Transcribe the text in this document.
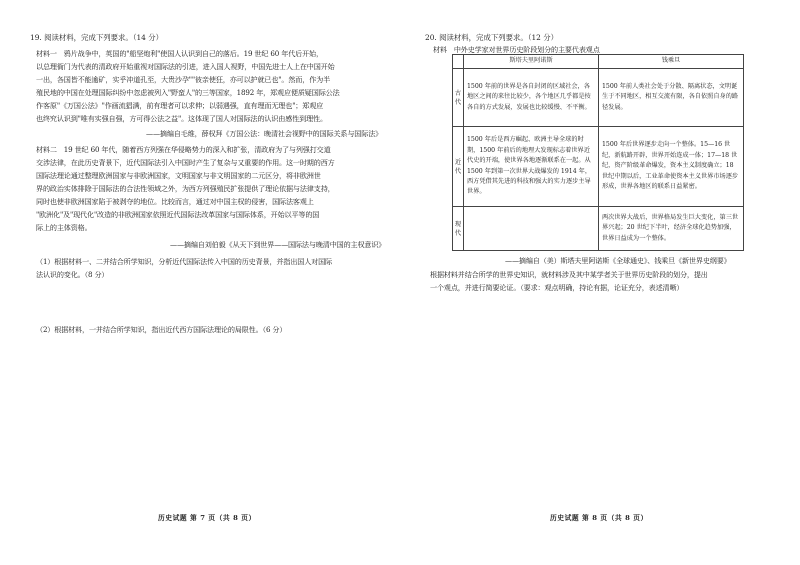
19. 阅读材料，完成下列要求。（14 分）
材料一　鸦片战争中，英国的"船坚炮利"使国人认识到自己的落后。19 世纪 60 年代后开始，
以总理衙门为代表的清政府开始重视对国际法的引进，进入国人视野，中国先进士人上在中国开始
一出，各国皆不能逾矿，实乎冲道孔至，大贵沙孕""彼亲使狂，亦可以护就已也"。然而，作为半
殖民地的中国在处理国际纠纷中忽虑被列入"野蛮人"的三等国家，1892 年，郑观应便质疑国际公法
作客原"《万国公法》"作画流猖满，前有理者可以求伸；以弱遇强，直有理而无理也"；郑观应
也终究认识到"唯有实强自强，方可得公法之益"。这体现了国人对国际法的认识由感性到理性。
——摘编自毛维，薛权拜《万国公法：晚清社会视野中的国际关系与国际法》
材料二　19 世纪 60 年代，随着西方列强在华侵略势力的深入和扩张，清政府为了与列强打交道
交涉法律，在此历史背景下，近代国际法引入中国时产生了复杂与又重要的作用。这一时期的西方
国际法理论通过整理欧洲国家与非欧洲国家，文明国家与非文明国家的二元区分，将非欧洲世
界的政治实体排除于国际法的合法性领域之外，为西方列强殖民扩张提供了理论依据与法律支持，
同时也使非欧洲国家陷于被剥夺的地位。比较而言，通过对中国主权的侵害，国际法客观上
"欧洲化"及"现代化"改造的非欧洲国家依照近代国际法改革国家与国际体系，开始以平等的国
际上的主体资格。
——摘编自刘伯毅《从天下到世界——国际法与晚清中国的主权意识》
（1）根据材料一、二并结合所学知识，分析近代国际法传入中国的历史背景，并指出国人对国际
法认识的变化。（8 分）
（2）根据材料，一并结合所学知识，指出近代西方国际法理论的局限性。（6 分）
历史试题 第 7 页（共 8 页）
20. 阅读材料，完成下列要求。（12 分）
材料　中外史学家对世界历史阶段划分的主要代表观点
	斯塔夫里阿诺斯	钱乘旦
古代	1500 年前的世界是各自封闭的区域社会，各地区之间的来往比较少，各个地区几乎都是按各自的方式发展，发展也比较缓慢、不平衡。	1500 年前人类社会处于分散、隔离状态，文明诞生于不同地区，相互交流有限，各自依照自身的路径发展。

近代	1500 年后是西方崛起、欧洲主导全球的时期，1500 年前后的地理大发现标志着世界近代史的开端，使世界各地逐渐联系在一起。从 1500 年到第一次世界大战爆发的 1914 年，西方凭借其先进的科技和强大的实力逐步主导世界。	1500 年后世界逐步走向一个整体。15—16 世纪，新航路开辟，世界开始连成一体；17—18 世纪，资产阶级革命爆发，资本主义制度确立；18 世纪中期以后，工业革命使资本主义世界市场逐步形成，世界各地区的联系日益紧密。

现代		两次世界大战后，世界格局发生巨大变化，第三世界兴起；20 世纪下半叶，经济全球化趋势加强，世界日益成为一个整体。
——摘编自（美）斯塔夫里阿诺斯《全球通史》、钱乘旦《新世界史纲要》
根据材料并结合所学的世界史知识，就材料涉及其中某学者关于世界历史阶段的划分，提出
一个观点，并进行简要论证。（要求：观点明确，持论有据，论证充分，表述清晰）
历史试题 第 8 页（共 8 页）
